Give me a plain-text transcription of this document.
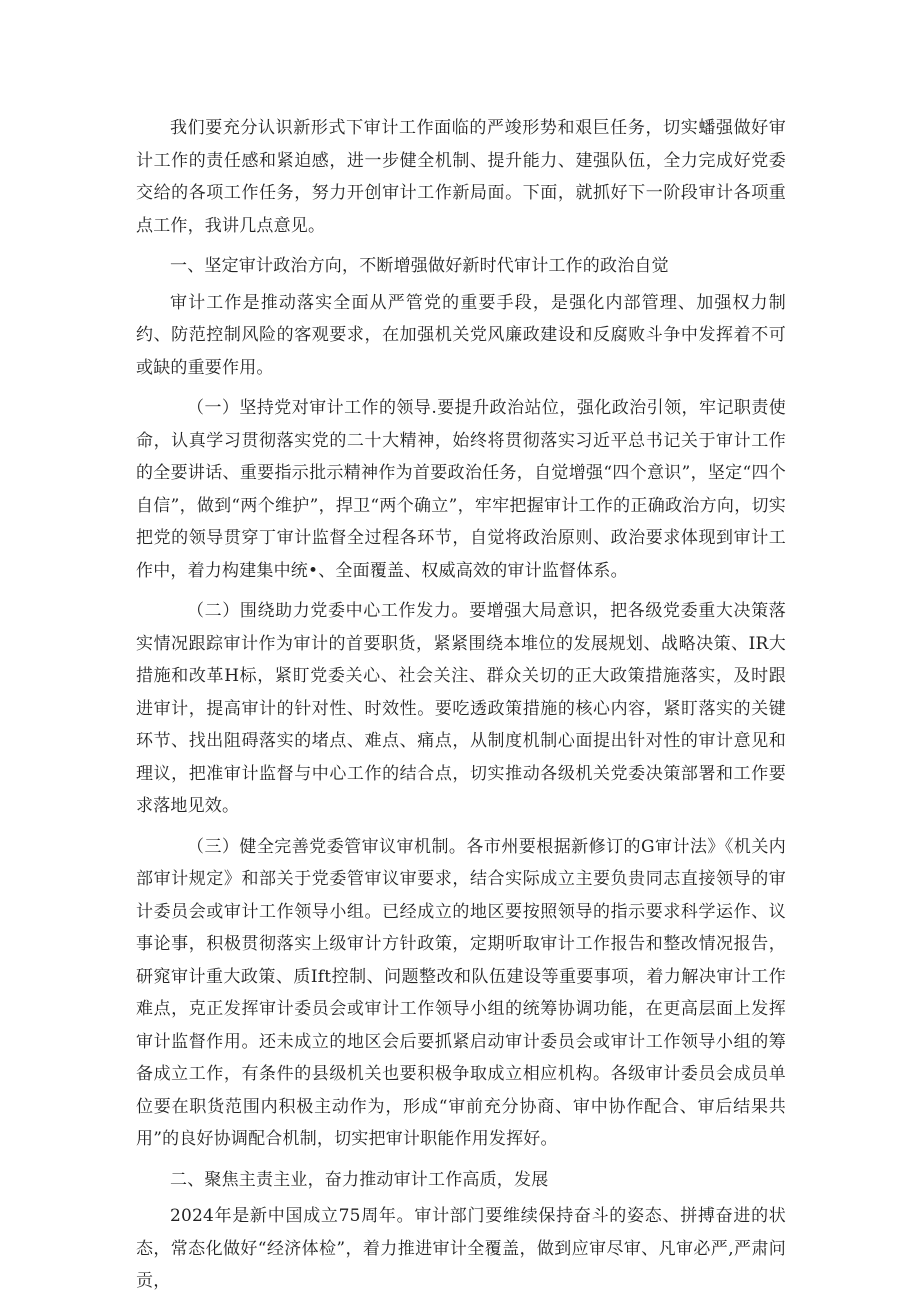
我们要充分认识新形式下审计工作面临的严竣形势和艰巨任务，切实蟠强做好审计工作的责任感和紧迫感，进一步健全机制、提升能力、建强队伍，全力完成好党委交给的各项工作任务，努力开创审计工作新局面。下面，就抓好下一阶段审计各项重点工作，我讲几点意见。

一、坚定审计政治方向，不断增强做好新时代审计工作的政治自觉

审计工作是推动落实全面从严管党的重要手段，是强化内部管理、加强权力制约、防范控制风险的客观要求，在加强机关党风廉政建设和反腐败斗争中发挥着不可或缺的重要作用。

（一）坚持党对审计工作的领导.要提升政治站位，强化政治引领，牢记职责使命，认真学习贯彻落实党的二十大精神，始终将贯彻落实习近平总书记关于审计工作的全要讲话、重要指示批示精神作为首要政治任务，自觉增强“四个意识”，坚定“四个自信”，做到“两个维护”，捍卫“两个确立”，牢牢把握审计工作的正确政治方向，切实把党的领导贯穿丁审计监督全过程各环节，自觉将政治原则、政治要求体现到审计工作中，着力构建集中统•、全面覆盖、权威高效的审计监督体系。

（二）围绕助力党委中心工作发力。要增强大局意识，把各级党委重大决策落实情况跟踪审计作为审计的首要职货，紧紧围绕本堆位的发展规划、战略决策、IR大措施和改革H标，紧盯党委关心、社会关注、群众关切的正大政策措施落实，及时跟进审计，提高审计的针对性、时效性。要吃透政策措施的核心内容，紧盯落实的关键环节、找出阻碍落实的堵点、难点、痛点，从制度机制心面提出针对性的审计意见和理议，把准审计监督与中心工作的结合点，切实推动各级机关党委决策部署和工作要求落地见效。

（三）健全完善党委管审议审机制。各市州要根据新修订的G审计法》《机关内部审计规定》和部关于党委管审议审要求，结合实际成立主要负贵同志直接领导的审计委员会或审计工作领导小组。已经成立的地区要按照领导的指示要求科学运作、议事论事，积极贯彻落实上级审计方针政策，定期听取审计工作报告和整改情况报告，研窕审计重大政策、质Ift控制、问题整改和队伍建设等重要事项，着力解决审计工作难点，克正发挥审计委员会或审计工作领导小组的统筹协调功能，在更高层面上发挥审计监督作用。还未成立的地区会后要抓紧启动审计委员会或审计工作领导小组的筹备成立工作，有条件的县级机关也要积极争取成立相应机构。各级审计委员会成员单位要在职货范围内积极主动作为，形成“审前充分协商、审中协作配合、审后结果共用”的良好协调配合机制，切实把审计职能作用发挥好。

二、聚焦主责主业，奋力推动审计工作高质，发展

2024年是新中国成立75周年。审计部门要维续保持奋斗的姿态、拼搏奋进的状态，常态化做好“经济体检”，着力推进审计全覆盖，做到应审尽审、凡审必严,严肃问贡，
